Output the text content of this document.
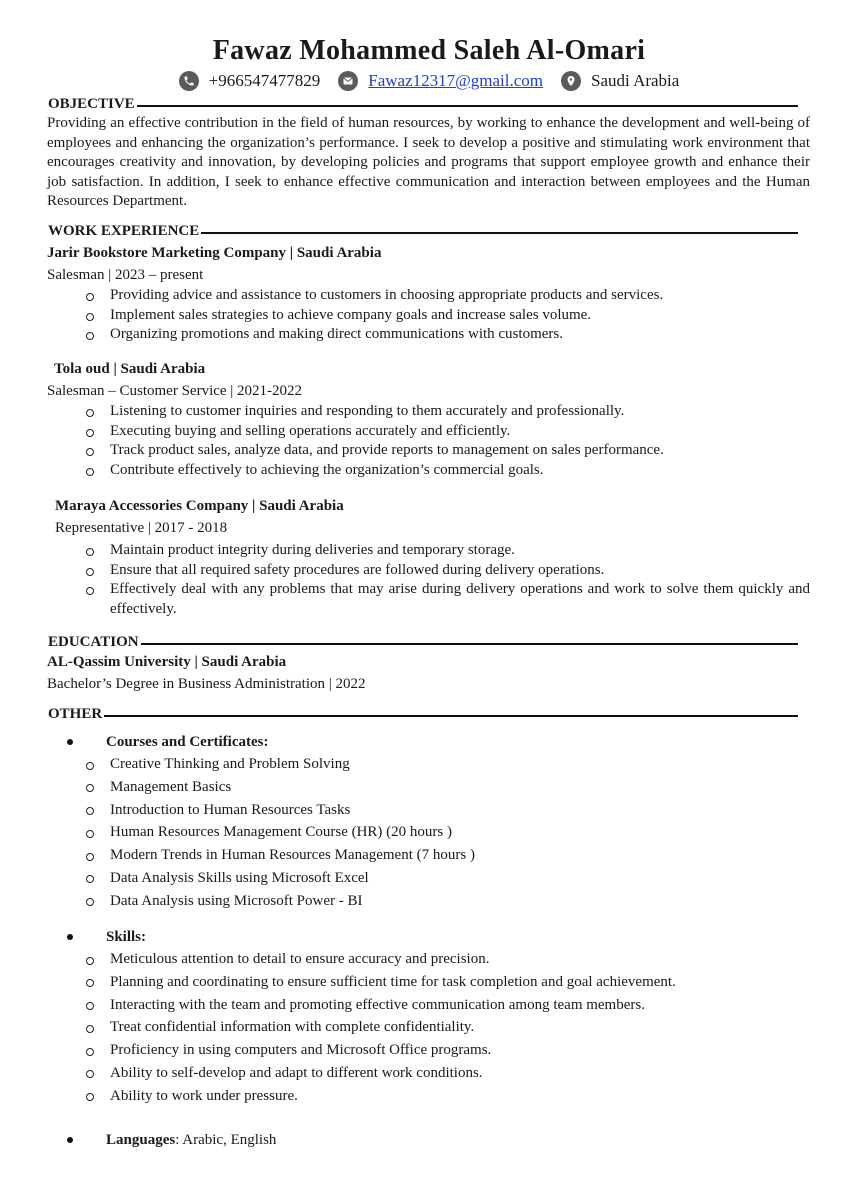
Fawaz Mohammed Saleh Al-Omari
+966547477829	Fawaz12317@gmail.com	Saudi Arabia
OBJECTIVE
Providing an effective contribution in the field of human resources, by working to enhance the development and well-being of employees and enhancing the organization’s performance. I seek to develop a positive and stimulating work environment that encourages creativity and innovation, by developing policies and programs that support employee growth and enhance their job satisfaction. In addition, I seek to enhance effective communication and interaction between employees and the Human Resources Department.
WORK EXPERIENCE
Jarir Bookstore Marketing Company | Saudi Arabia
Salesman | 2023 – present
Providing advice and assistance to customers in choosing appropriate products and services.
Implement sales strategies to achieve company goals and increase sales volume.
Organizing promotions and making direct communications with customers.
Tola oud | Saudi Arabia
Salesman – Customer Service | 2021-2022
Listening to customer inquiries and responding to them accurately and professionally.
Executing buying and selling operations accurately and efficiently.
Track product sales, analyze data, and provide reports to management on sales performance.
Contribute effectively to achieving the organization’s commercial goals.
Maraya Accessories Company | Saudi Arabia
Representative | 2017 - 2018
Maintain product integrity during deliveries and temporary storage.
Ensure that all required safety procedures are followed during delivery operations.
Effectively deal with any problems that may arise during delivery operations and work to solve them quickly and effectively.
EDUCATION
AL-Qassim University | Saudi Arabia
Bachelor’s Degree in Business Administration | 2022
OTHER
Courses and Certificates:
Creative Thinking and Problem Solving
Management Basics
Introduction to Human Resources Tasks
Human Resources Management Course (HR) (20 hours )
Modern Trends in Human Resources Management (7 hours )
Data Analysis Skills using Microsoft Excel
Data Analysis using Microsoft Power - BI
Skills:
Meticulous attention to detail to ensure accuracy and precision.
Planning and coordinating to ensure sufficient time for task completion and goal achievement.
Interacting with the team and promoting effective communication among team members.
Treat confidential information with complete confidentiality.
Proficiency in using computers and Microsoft Office programs.
Ability to self-develop and adapt to different work conditions.
Ability to work under pressure.
Languages: Arabic, English
